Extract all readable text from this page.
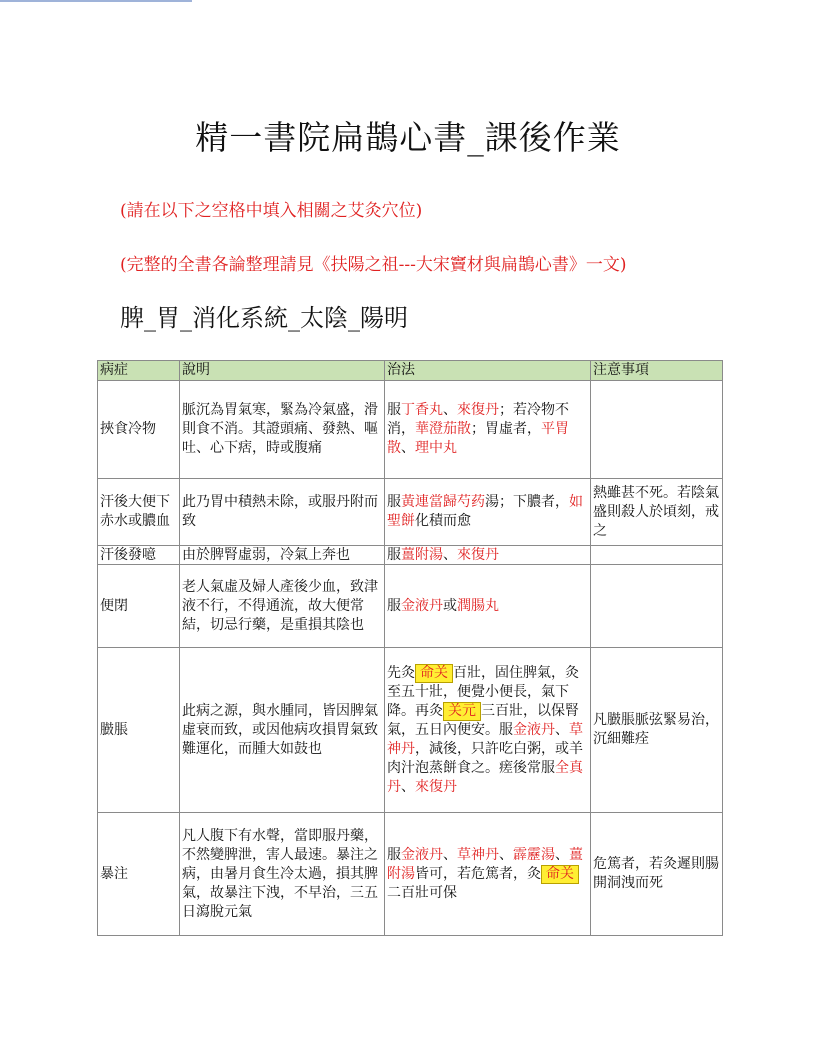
精一書院扁鵲心書_課後作業
(請在以下之空格中填入相關之艾灸穴位)
(完整的全書各論整理請見《扶陽之祖---大宋竇材與扁鵲心書》一文)
脾_胃_消化系統_太陰_陽明
病症	說明	治法	注意事項
挾食冷物	脈沉為胃氣寒，緊為冷氣盛，滑則食不消。其證頭痛、發熱、嘔吐、心下痞，時或腹痛	服丁香丸、來復丹；若冷物不消，華澄茄散；胃虛者，平胃散、理中丸	
汗後大便下赤水或膿血	此乃胃中積熱未除，或服丹附而致	服黃連當歸芍药湯；下膿者，如聖餅化積而愈	熱雖甚不死。若陰氣盛則殺人於頃刻，戒之
汗後發噫	由於脾腎虛弱，冷氣上奔也	服薑附湯、來復丹	
便閉	老人氣虛及婦人產後少血，致津液不行，不得通流，故大便常結，切忌行藥，是重損其陰也	服金液丹或潤腸丸	
臌脹	此病之源，與水腫同，皆因脾氣虛衰而致，或因他病攻損胃氣致難運化，而腫大如鼓也	先灸 命关 百壯，固住脾氣，灸至五十壯，便覺小便長，氣下降。再灸 关元 三百壯，以保腎氣，五日內便安。服金液丹、草神丹，減後，只許吃白粥，或羊肉汁泡蒸餅食之。瘥後常服全真丹、來復丹	凡臌脹脈弦緊易治，沉細難痊
暴注	凡人腹下有水聲，當即服丹藥，不然變脾泄，害人最速。暴注之病，由暑月食生冷太過，損其脾氣，故暴注下洩，不早治，三五日瀉脫元氣	服金液丹、草神丹、霹靂湯、薑附湯皆可，若危篤者，灸 命关二百壯可保	危篤者，若灸遲則腸開洞洩而死
